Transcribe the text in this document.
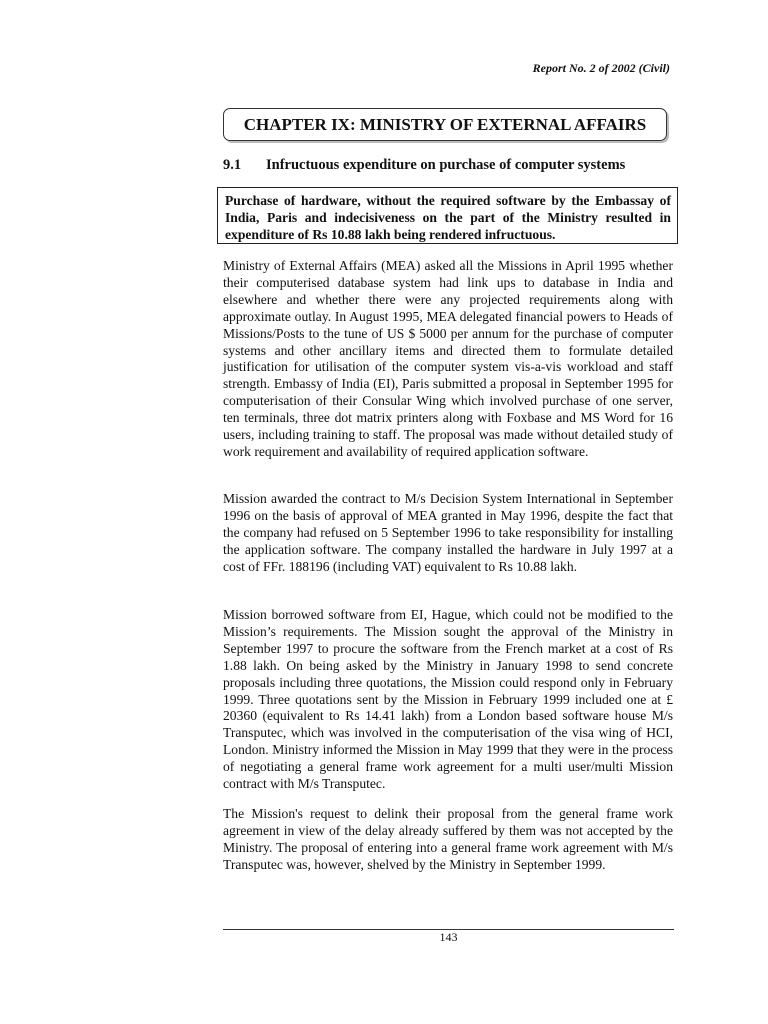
Report No. 2 of 2002 (Civil)
CHAPTER IX: MINISTRY OF EXTERNAL AFFAIRS
9.1	Infructuous expenditure on purchase of computer systems
Purchase of hardware, without the required software by the Embassay of India, Paris and indecisiveness on the part of the Ministry resulted in expenditure of Rs 10.88 lakh being rendered infructuous.
Ministry of External Affairs (MEA) asked all the Missions in April 1995 whether their computerised database system had link ups to database in India and elsewhere and whether there were any projected requirements along with approximate outlay. In August 1995, MEA delegated financial powers to Heads of Missions/Posts to the tune of US $ 5000 per annum for the purchase of computer systems and other ancillary items and directed them to formulate detailed justification for utilisation of the computer system vis-a-vis workload and staff strength. Embassy of India (EI), Paris submitted a proposal in September 1995 for computerisation of their Consular Wing which involved purchase of one server, ten terminals, three dot matrix printers along with Foxbase and MS Word for 16 users, including training to staff. The proposal was made without detailed study of work requirement and availability of required application software.
Mission awarded the contract to M/s Decision System International in September 1996 on the basis of approval of MEA granted in May 1996, despite the fact that the company had refused on 5 September 1996 to take responsibility for installing the application software. The company installed the hardware in July 1997 at a cost of FFr. 188196 (including VAT) equivalent to Rs 10.88 lakh.
Mission borrowed software from EI, Hague, which could not be modified to the Mission’s requirements. The Mission sought the approval of the Ministry in September 1997 to procure the software from the French market at a cost of Rs 1.88 lakh. On being asked by the Ministry in January 1998 to send concrete proposals including three quotations, the Mission could respond only in February 1999. Three quotations sent by the Mission in February 1999 included one at £ 20360 (equivalent to Rs 14.41 lakh) from a London based software house M/s Transputec, which was involved in the computerisation of the visa wing of HCI, London. Ministry informed the Mission in May 1999 that they were in the process of negotiating a general frame work agreement for a multi user/multi Mission contract with M/s Transputec.
The Mission's request to delink their proposal from the general frame work agreement in view of the delay already suffered by them was not accepted by the Ministry. The proposal of entering into a general frame work agreement with M/s Transputec was, however, shelved by the Ministry in September 1999.
143
